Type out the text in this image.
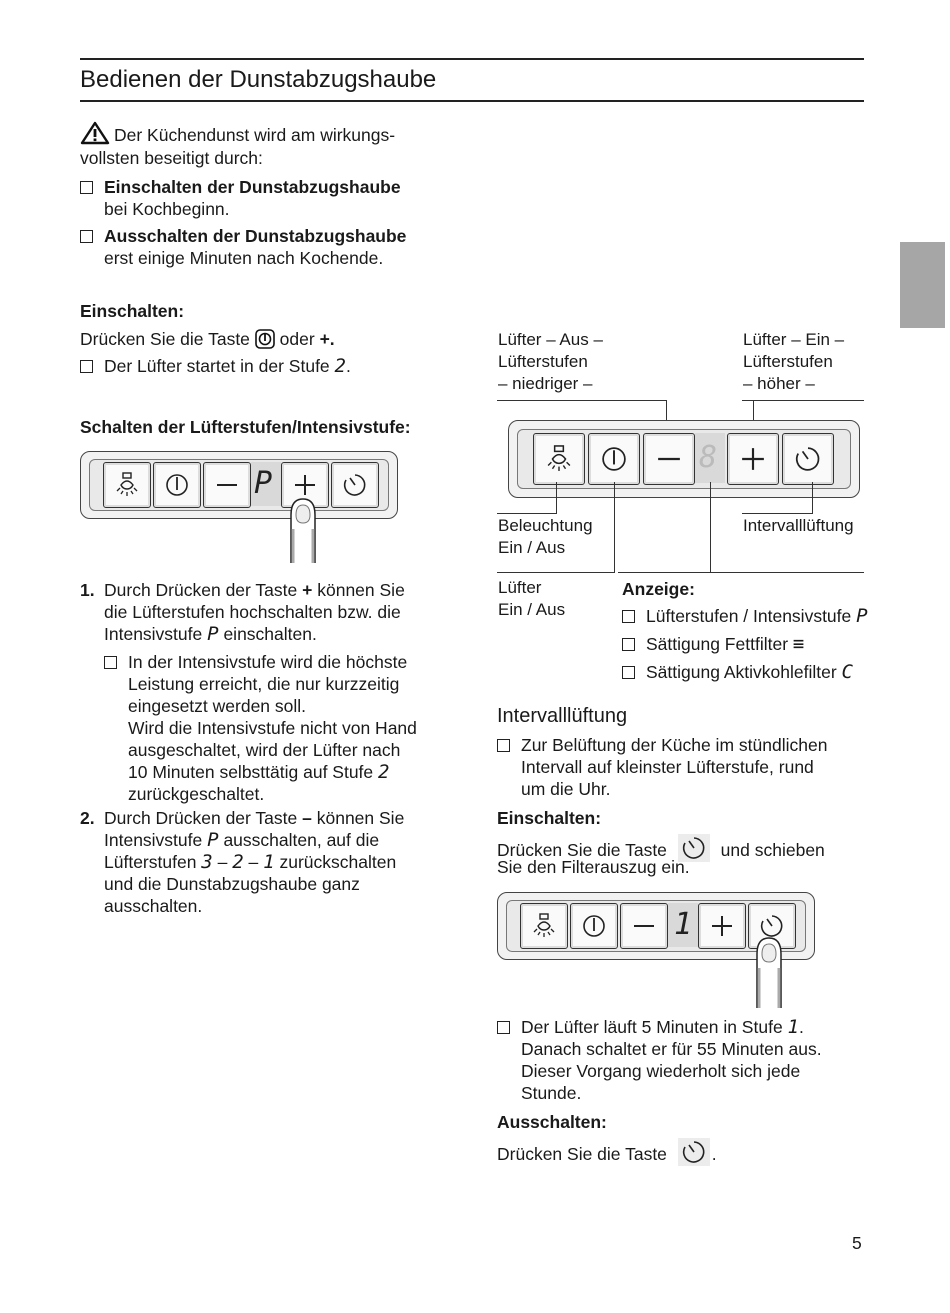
Bedienen der Dunstabzugshaube
Der Küchendunst wird am wirkungs-
vollsten beseitigt durch:
Einschalten der Dunstabzugshaube
bei Kochbeginn.
Ausschalten der Dunstabzugshaube
erst einige Minuten nach Kochende.
Einschalten:
Drücken Sie die Taste oder +.
Der Lüfter startet in der Stufe 2.
Schalten der Lüfterstufen/Intensivstufe:
P
1. Durch Drücken der Taste + können Sie
die Lüfterstufen hochschalten bzw. die
Intensivstufe P einschalten.
In der Intensivstufe wird die höchste
Leistung erreicht, die nur kurzzeitig
eingesetzt werden soll.
Wird die Intensivstufe nicht von Hand
ausgeschaltet, wird der Lüfter nach
10 Minuten selbsttätig auf Stufe 2
zurückgeschaltet.
2. Durch Drücken der Taste – können Sie
Intensivstufe P ausschalten, auf die
Lüfterstufen 3 – 2 – 1 zurückschalten
und die Dunstabzugshaube ganz
ausschalten.
Lüfter – Aus –
Lüfterstufen
– niedriger –
Lüfter – Ein –
Lüfterstufen
– höher –
8
Beleuchtung
Ein / Aus
Intervalllüftung
Lüfter
Ein / Aus
Anzeige:
Lüfterstufen / Intensivstufe P
Sättigung Fettfilter ≡
Sättigung Aktivkohlefilter C
Intervalllüftung
Zur Belüftung der Küche im stündlichen
Intervall auf kleinster Lüfterstufe, rund
um die Uhr.
Einschalten:
Drücken Sie die Taste	und schieben
Sie den Filterauszug ein.
1
Der Lüfter läuft 5 Minuten in Stufe 1.
Danach schaltet er für 55 Minuten aus.
Dieser Vorgang wiederholt sich jede
Stunde.
Ausschalten:
Drücken Sie die Taste	.
5
